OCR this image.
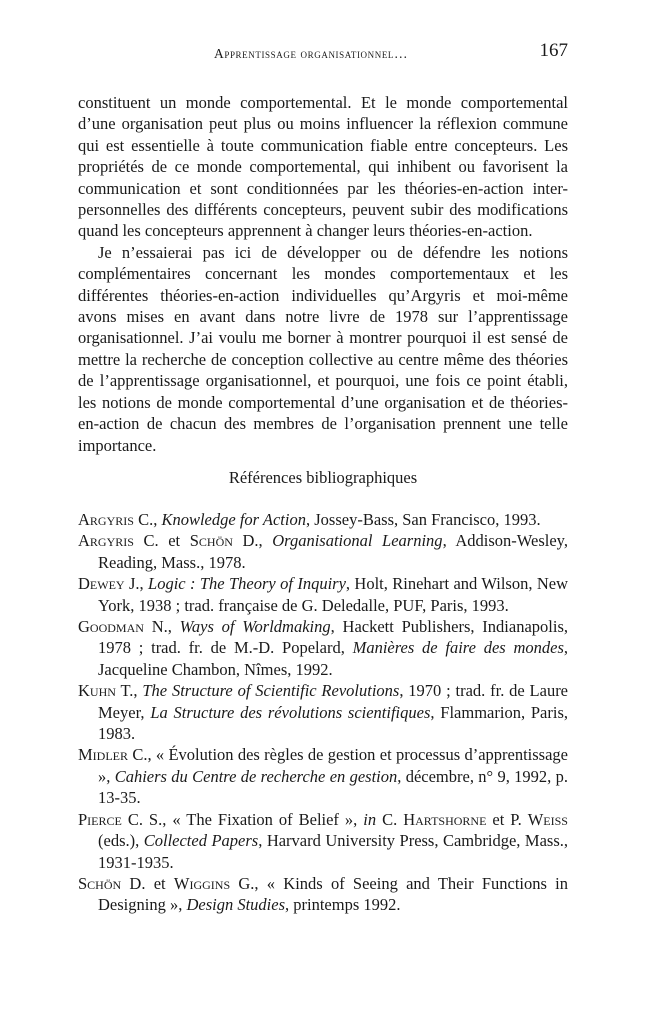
Apprentissage organisationnel…	167

constituent un monde comportemental. Et le monde comportemental d’une organisation peut plus ou moins influencer la réflexion commune qui est essentielle à toute communication fiable entre concepteurs. Les propriétés de ce monde comportemental, qui inhibent ou favorisent la communication et sont conditionnées par les théories-en-action inter-personnelles des différents concepteurs, peuvent subir des modifications quand les concepteurs apprennent à changer leurs théories-en-action.

Je n’essaierai pas ici de développer ou de défendre les notions complémentaires concernant les mondes comportementaux et les différentes théories-en-action individuelles qu’Argyris et moi-même avons mises en avant dans notre livre de 1978 sur l’apprentissage organisationnel. J’ai voulu me borner à montrer pourquoi il est sensé de mettre la recherche de conception collective au centre même des théories de l’apprentissage organisationnel, et pourquoi, une fois ce point établi, les notions de monde comportemental d’une organisation et de théories-en-action de chacun des membres de l’organisation prennent une telle importance.

Références bibliographiques

Argyris C., Knowledge for Action, Jossey-Bass, San Francisco, 1993.

Argyris C. et Schön D., Organisational Learning, Addison-Wesley, Reading, Mass., 1978.

Dewey J., Logic : The Theory of Inquiry, Holt, Rinehart and Wilson, New York, 1938 ; trad. française de G. Deledalle, PUF, Paris, 1993.

Goodman N., Ways of Worldmaking, Hackett Publishers, Indianapolis, 1978 ; trad. fr. de M.-D. Popelard, Manières de faire des mondes, Jacqueline Chambon, Nîmes, 1992.

Kuhn T., The Structure of Scientific Revolutions, 1970 ; trad. fr. de Laure Meyer, La Structure des révolutions scientifiques, Flammarion, Paris, 1983.

Midler C., « Évolution des règles de gestion et processus d’apprentissage », Cahiers du Centre de recherche en gestion, décembre, n° 9, 1992, p. 13-35.

Pierce C. S., « The Fixation of Belief », in C. Hartshorne et P. Weiss (eds.), Collected Papers, Harvard University Press, Cambridge, Mass., 1931-1935.

Schön D. et Wiggins G., « Kinds of Seeing and Their Functions in Designing », Design Studies, printemps 1992.
